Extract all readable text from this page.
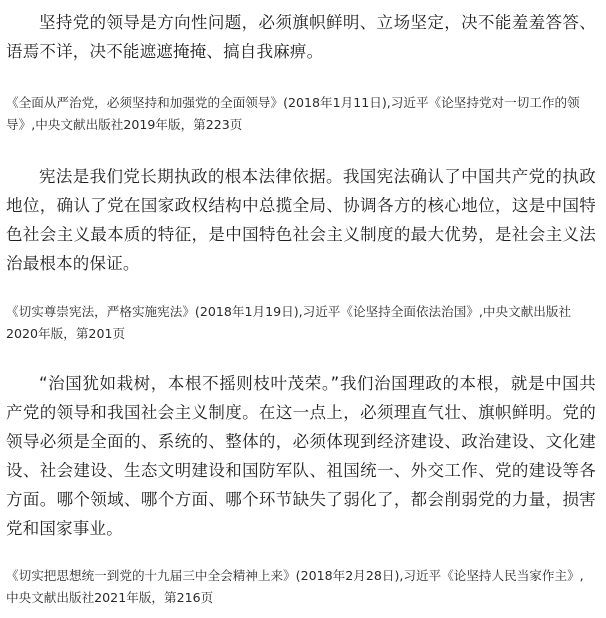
坚持党的领导是方向性问题，必须旗帜鲜明、立场坚定，决不能羞羞答答、语焉不详，决不能遮遮掩掩、搞自我麻痹。

《全面从严治党，必须坚持和加强党的全面领导》(2018年1月11日),习近平《论坚持党对一切工作的领导》,中央文献出版社2019年版，第223页

宪法是我们党长期执政的根本法律依据。我国宪法确认了中国共产党的执政地位，确认了党在国家政权结构中总揽全局、协调各方的核心地位，这是中国特色社会主义最本质的特征，是中国特色社会主义制度的最大优势，是社会主义法治最根本的保证。

《切实尊崇宪法，严格实施宪法》(2018年1月19日),习近平《论坚持全面依法治国》,中央文献出版社2020年版，第201页

“治国犹如栽树，本根不摇则枝叶茂荣。”我们治国理政的本根，就是中国共产党的领导和我国社会主义制度。在这一点上，必须理直气壮、旗帜鲜明。党的领导必须是全面的、系统的、整体的，必须体现到经济建设、政治建设、文化建设、社会建设、生态文明建设和国防军队、祖国统一、外交工作、党的建设等各方面。哪个领域、哪个方面、哪个环节缺失了弱化了，都会削弱党的力量，损害党和国家事业。

《切实把思想统一到党的十九届三中全会精神上来》(2018年2月28日),习近平《论坚持人民当家作主》,中央文献出版社2021年版，第216页
